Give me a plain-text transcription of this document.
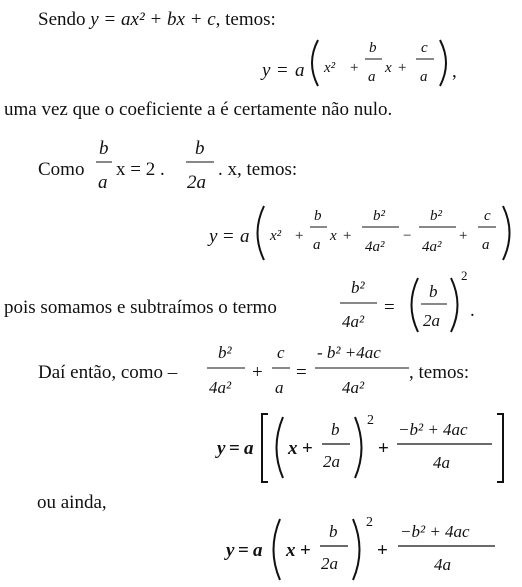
Sendo y = ax² + bx + c, temos:
y = a x² +
b
a
x +
c
a ,
uma vez que o coeficiente a é certamente não nulo.
Como
b
a
x = 2 .
b
2a
. x, temos:
y = a x² +
b
a
x +
b²
4a²
−
b²
4a²
+
c
a
pois somamos e subtraímos o termo
b²
4a²
=
b
2a
2
.
Daí então, como –
b²
4a²
+
c
a
=
- b² +4ac
4a²
, temos:
y = a x +
b
2a
2
+
−b² + 4ac
4a
ou ainda,
y = a x +
b
2a
2
+
−b² + 4ac
4a
